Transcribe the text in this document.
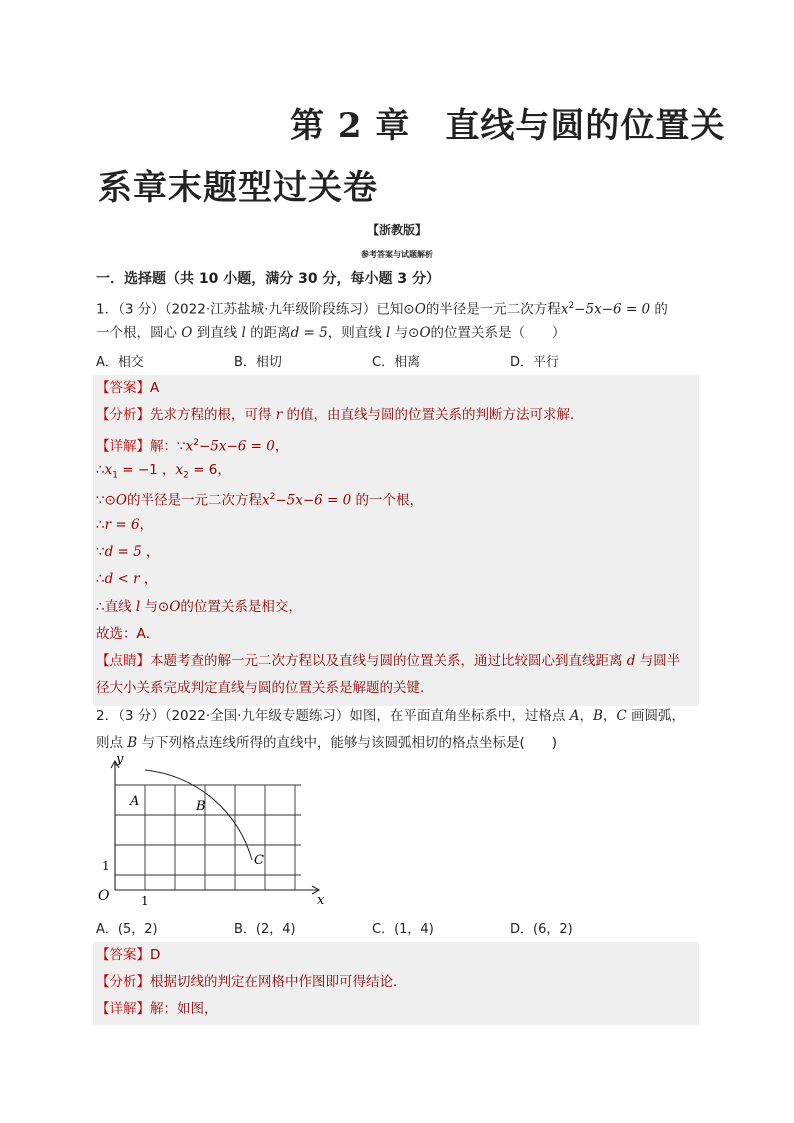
第 2 章　直线与圆的位置关
系章末题型过关卷
【浙教版】
参考答案与试题解析
一．选择题（共 10 小题，满分 30 分，每小题 3 分）
1．（3 分）（2022·江苏盐城·九年级阶段练习）已知⊙O的半径是一元二次方程$x^2-5x-6 = 0$ 的
一个根，圆心 O 到直线 l 的距离d = 5，则直线 l 与⊙O的位置关系是（　　）
A．相交	B．相切	C．相离	D．平行
【答案】A
【分析】先求方程的根，可得 r 的值，由直线与圆的位置关系的判断方法可求解．
【详解】解：$\because x^2-5x-6 = 0$，
$\therefore x_1 = -1$ ，$x_2 = 6$，
∵⊙O的半径是一元二次方程$x^2-5x-6 = 0$ 的一个根，
∴r = 6，
∵d = 5 ，
∴d < r ，
∴直线 l 与⊙O的位置关系是相交，
故选：A．
【点睛】本题考查的解一元二次方程以及直线与圆的位置关系，通过比较圆心到直线距离 d 与圆半
径大小关系完成判定直线与圆的位置关系是解题的关键．
2．（3 分）（2022·全国·九年级专题练习）如图，在平面直角坐标系中，过格点 A，B，C 画圆弧，
则点 B 与下列格点连线所得的直线中，能够与该圆弧相切的格点坐标是(　　)
y
x
O	1
1
A	B
C
A．(5，2)	B．(2，4)	C．(1，4)	D．(6，2)
【答案】D
【分析】根据切线的判定在网格中作图即可得结论．
【详解】解：如图，
